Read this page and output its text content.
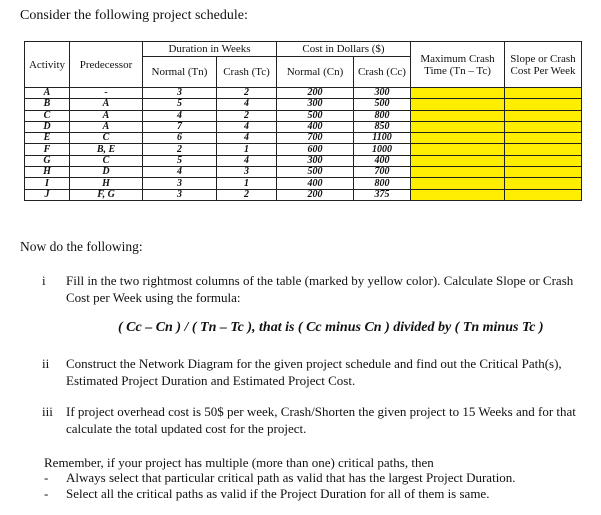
Consider the following project schedule:
Activity	Predecessor	Duration in Weeks		Cost in Dollars ($)		Maximum Crash Time (Tn – Tc)	Slope or Crash Cost Per Week
		Normal (Tn)	Crash (Tc)	Normal (Cn)	Crash (Cc)		
A	-	3	2	200	300		
B	A	5	4	300	500		
C	A	4	2	500	800		
D	A	7	4	400	850		
E	C	6	4	700	1100		
F	B, E	2	1	600	1000		
G	C	5	4	300	400		
H	D	4	3	500	700		
I	H	3	1	400	800		
J	F, G	3	2	200	375		
Now do the following:
i Fill in the two rightmost columns of the table (marked by yellow color). Calculate Slope or Crash Cost per Week using the formula:
( Cc – Cn ) / ( Tn – Tc ), that is ( Cc minus Cn ) divided by ( Tn minus Tc )
ii Construct the Network Diagram for the given project schedule and find out the Critical Path(s), Estimated Project Duration and Estimated Project Cost.
iii If project overhead cost is 50$ per week, Crash/Shorten the given project to 15 Weeks and for that calculate the total updated cost for the project.
Remember, if your project has multiple (more than one) critical paths, then
- Always select that particular critical path as valid that has the largest Project Duration.
- Select all the critical paths as valid if the Project Duration for all of them is same.
